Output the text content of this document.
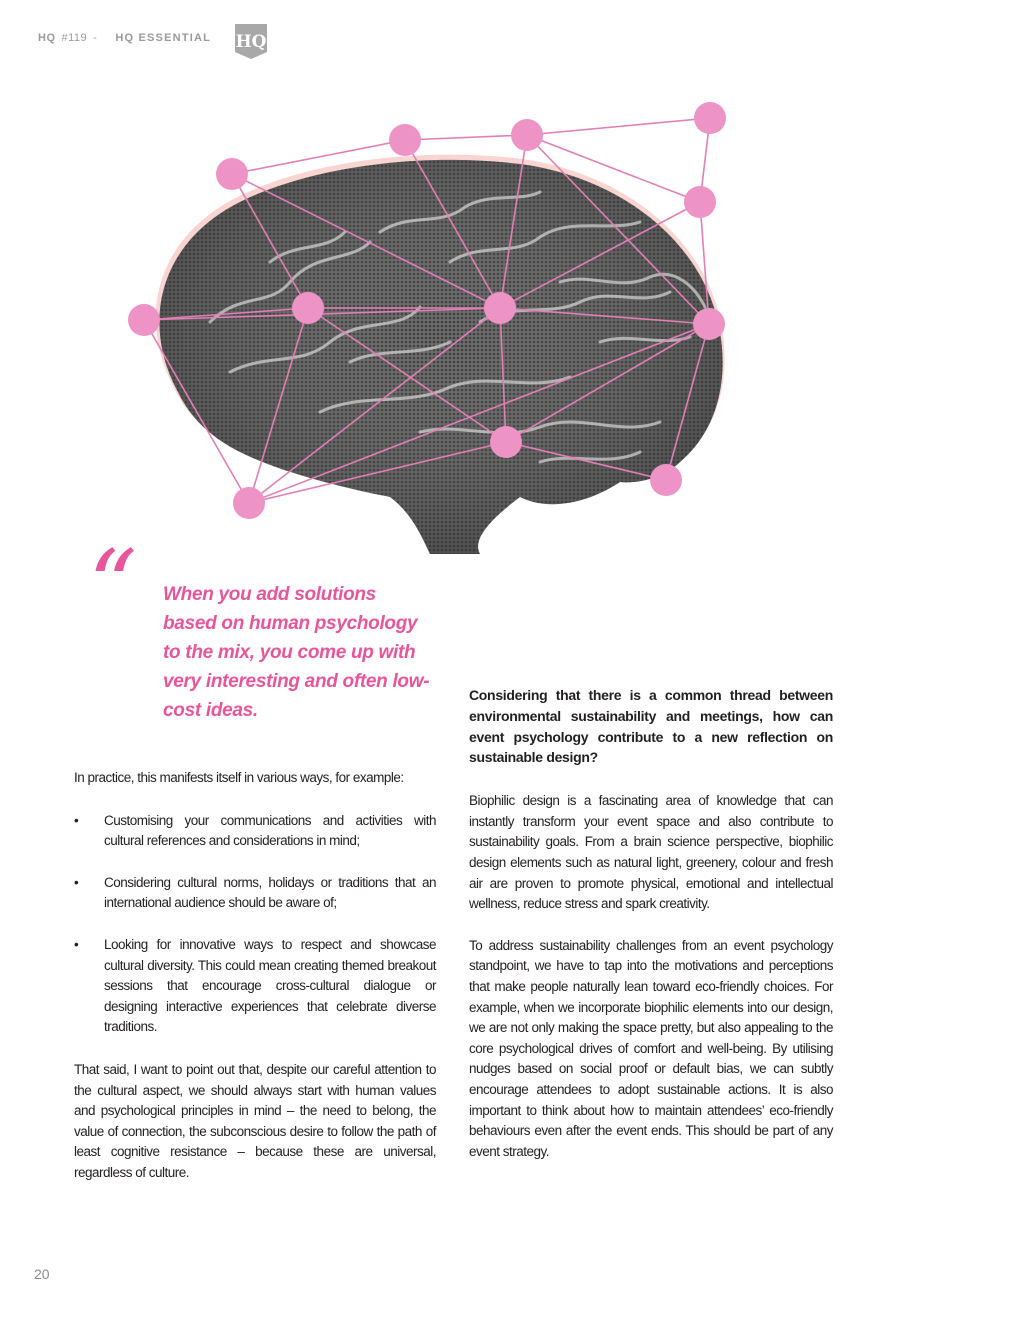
HQ #119 - HQ ESSENTIAL HQ
“ When you add solutions based on human psychology to the mix, you come up with very interesting and often low-cost ideas.

In practice, this manifests itself in various ways, for example:

• Customising your communications and activities with cultural references and considerations in mind;
• Considering cultural norms, holidays or traditions that an international audience should be aware of;
• Looking for innovative ways to respect and showcase cultural diversity. This could mean creating themed breakout sessions that encourage cross-cultural dialogue or designing interactive experiences that celebrate diverse traditions.

That said, I want to point out that, despite our careful attention to the cultural aspect, we should always start with human values and psychological principles in mind – the need to belong, the value of connection, the subconscious desire to follow the path of least cognitive resistance – because these are universal, regardless of culture.

Considering that there is a common thread between environmental sustainability and meetings, how can event psychology contribute to a new reflection on sustainable design?

Biophilic design is a fascinating area of knowledge that can instantly transform your event space and also contribute to sustainability goals. From a brain science perspective, biophilic design elements such as natural light, greenery, colour and fresh air are proven to promote physical, emotional and intellectual wellness, reduce stress and spark creativity.

To address sustainability challenges from an event psychology standpoint, we have to tap into the motivations and perceptions that make people naturally lean toward eco-friendly choices. For example, when we incorporate biophilic elements into our design, we are not only making the space pretty, but also appealing to the core psychological drives of comfort and well-being. By utilising nudges based on social proof or default bias, we can subtly encourage attendees to adopt sustainable actions. It is also important to think about how to maintain attendees’ eco-friendly behaviours even after the event ends. This should be part of any event strategy.

20
